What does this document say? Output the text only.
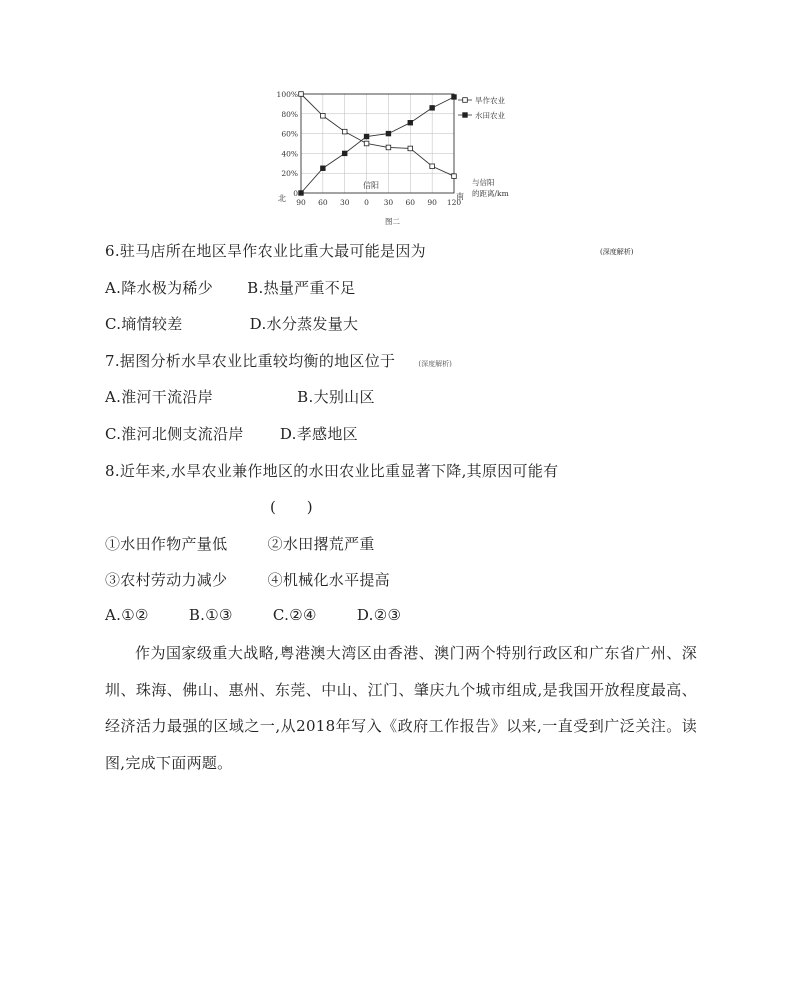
0
20%
40%
60%
80%
100%
90 60 30 0 30 60 90 120
旱作农业
水田农业
北	南
信阳	与信阳
的距离/km
图二
6.驻马店所在地区旱作农业比重大最可能是因为	(深度解析)
A.降水极为稀少 B.热量严重不足
C.墒情较差	D.水分蒸发量大
7.据图分析水旱农业比重较均衡的地区位于	(深度解析)
A.淮河干流沿岸	B.大别山区
C.淮河北侧支流沿岸 D.孝感地区
8.近年来,水旱农业兼作地区的水田农业比重显著下降,其原因可能有
(　　)
①水田作物产量低	②水田撂荒严重
③农村劳动力减少	④机械化水平提高
A.①②	B.①③	C.②④	D.②③
作为国家级重大战略,粤港澳大湾区由香港、澳门两个特别行政区和广东省广州、深圳、珠海、佛山、惠州、东莞、中山、江门、肇庆九个城市组成,是我国开放程度最高、经济活力最强的区域之一,从2018年写入《政府工作报告》以来,一直受到广泛关注。读图,完成下面两题。
